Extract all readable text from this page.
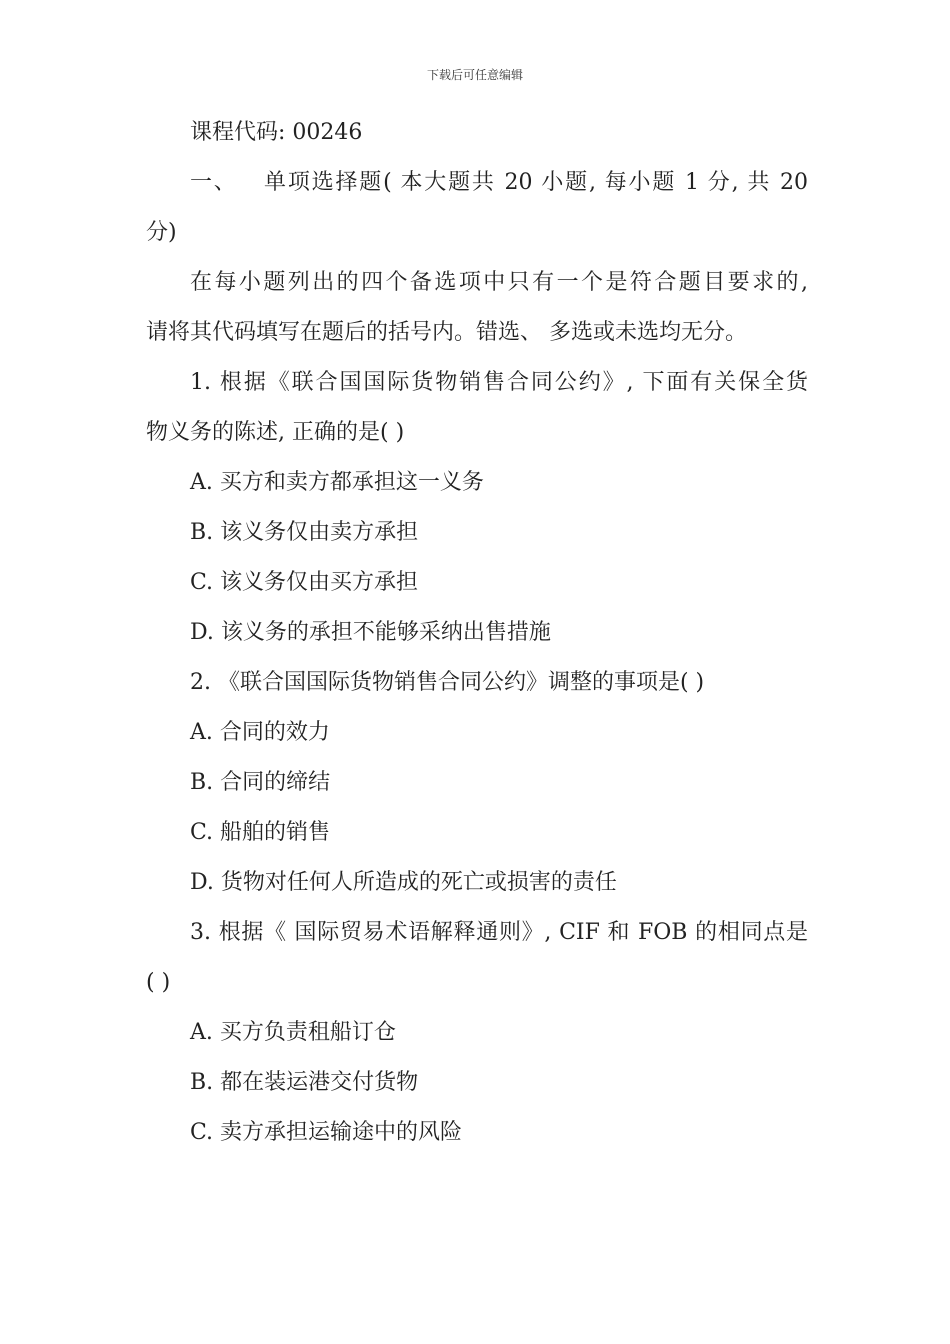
下载后可任意编辑
课程代码: 00246
一、   单项选择题( 本大题共 20 小题, 每小题 1 分, 共 20
分)
在每小题列出的四个备选项中只有一个是符合题目要求的,
请将其代码填写在题后的括号内。错选、 多选或未选均无分。
1. 根据《联合国国际货物销售合同公约》, 下面有关保全货
物义务的陈述, 正确的是( )
A. 买方和卖方都承担这一义务
B. 该义务仅由卖方承担
C. 该义务仅由买方承担
D. 该义务的承担不能够采纳出售措施
2. 《联合国国际货物销售合同公约》调整的事项是( )
A. 合同的效力
B. 合同的缔结
C. 船舶的销售
D. 货物对任何人所造成的死亡或损害的责任
3. 根据《 国际贸易术语解释通则》, CIF 和 FOB 的相同点是
( )
A. 买方负责租船订仓
B. 都在装运港交付货物
C. 卖方承担运输途中的风险
